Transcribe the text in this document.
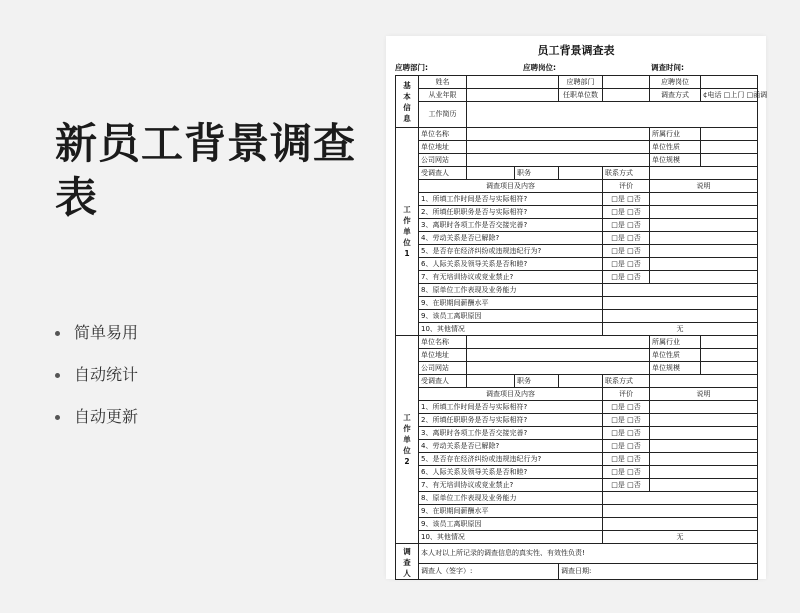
新员工背景调查表
简单易用
自动统计
自动更新
员工背景调查表
应聘部门:	应聘岗位:	调查时间:
基
本
信
息	姓名			应聘部门		应聘岗位	
	从业年限			任职单位数		调查方式	¢电话 □上门 □函调
	工作简历						

工
作
单
位
1	单位名称					所属行业	
	单位地址					单位性质	
	公司网站					单位规模	
	受调查人		职务		联系方式		
	调查项目及内容				评价	说明	
	1、所填工作时间是否与实际相符?				□是 □否		
	2、所填任职职务是否与实际相符?				□是 □否		
	3、离职时各项工作是否交接完善?				□是 □否		
	4、劳动关系是否已解除?				□是 □否		
	5、是否存在经济纠纷或违规违纪行为?				□是 □否		
	6、人际关系及领导关系是否和睦?				□是 □否		
	7、有无培训协议或竞业禁止?				□是 □否		
	8、原单位工作表现及业务能力						
	9、在职期间薪酬水平						
	9、该员工离职原因						
	10、其他情况				无		

工
作
单
位
2	单位名称					所属行业	
	单位地址					单位性质	
	公司网站					单位规模	
	受调查人		职务		联系方式		
	调查项目及内容				评价	说明	
	1、所填工作时间是否与实际相符?				□是 □否		
	2、所填任职职务是否与实际相符?				□是 □否		
	3、离职时各项工作是否交接完善?				□是 □否		
	4、劳动关系是否已解除?				□是 □否		
	5、是否存在经济纠纷或违规违纪行为?				□是 □否		
	6、人际关系及领导关系是否和睦?				□是 □否		
	7、有无培训协议或竞业禁止?				□是 □否		
	8、原单位工作表现及业务能力						
	9、在职期间薪酬水平						
	9、该员工离职原因						
	10、其他情况				无		

调
查
人	本人对以上所记录的调查信息的真实性、有效性负责!						
	调查人（签字）:			调查日期:			
